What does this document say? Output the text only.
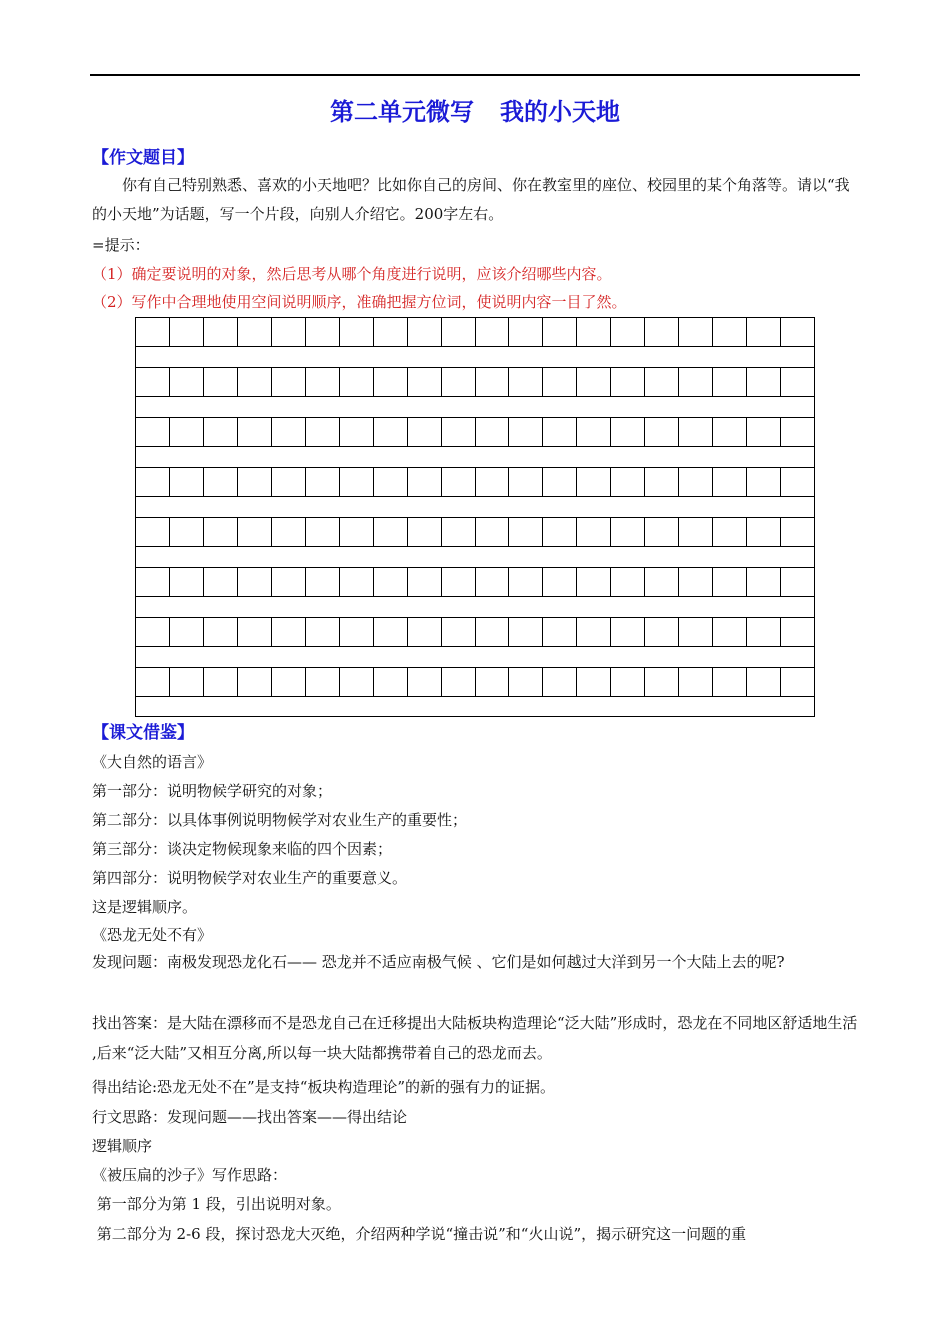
第二单元微写 我的小天地
【作文题目】
你有自己特别熟悉、喜欢的小天地吧？比如你自己的房间、你在教室里的座位、校园里的某个角落等。请以“我的小天地”为话题，写一个片段，向别人介绍它。200字左右。
=提示：
（1）确定要说明的对象，然后思考从哪个角度进行说明，应该介绍哪些内容。
（2）写作中合理地使用空间说明顺序，准确把握方位词，使说明内容一目了然。
【课文借鉴】
《大自然的语言》
第一部分：说明物候学研究的对象；
第二部分：以具体事例说明物候学对农业生产的重要性；
第三部分：谈决定物候现象来临的四个因素；
第四部分：说明物候学对农业生产的重要意义。
这是逻辑顺序。
《恐龙无处不有》
发现问题：南极发现恐龙化石—— 恐龙并不适应南极气候 、它们是如何越过大洋到另一个大陆上去的呢?
找出答案：是大陆在漂移而不是恐龙自己在迁移提出大陆板块构造理论“泛大陆”形成时，恐龙在不同地区舒适地生活 ,后来“泛大陆”又相互分离,所以每一块大陆都携带着自己的恐龙而去。
得出结论:恐龙无处不在”是支持“板块构造理论”的新的强有力的证据。
行文思路：发现问题——找出答案——得出结论
逻辑顺序
《被压扁的沙子》写作思路：
第一部分为第 1 段，引出说明对象。
第二部分为 2-6 段，探讨恐龙大灭绝，介绍两种学说“撞击说”和“火山说”，揭示研究这一问题的重
